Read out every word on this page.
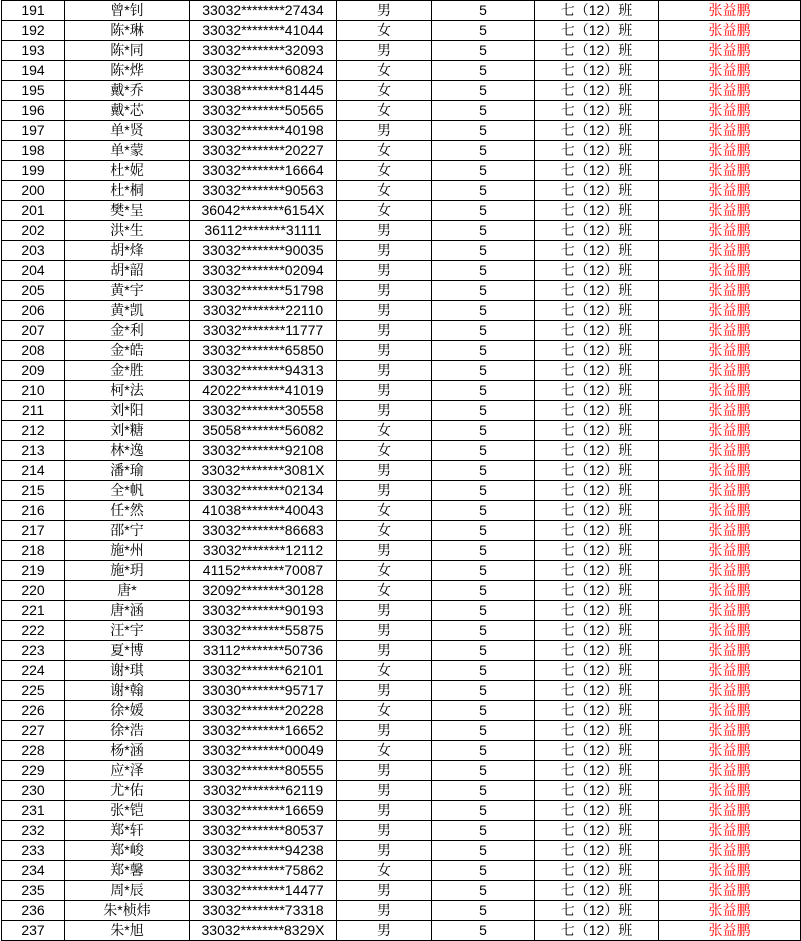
191	曾*钊	33032********27434	男	5	七（12）班	张益鹏
192	陈*琳	33032********41044	女	5	七（12）班	张益鹏
193	陈*同	33032********32093	男	5	七（12）班	张益鹏
194	陈*烨	33032********60824	女	5	七（12）班	张益鹏
195	戴*乔	33038********81445	女	5	七（12）班	张益鹏
196	戴*芯	33032********50565	女	5	七（12）班	张益鹏
197	单*贤	33032********40198	男	5	七（12）班	张益鹏
198	单*蒙	33032********20227	女	5	七（12）班	张益鹏
199	杜*妮	33032********16664	女	5	七（12）班	张益鹏
200	杜*桐	33032********90563	女	5	七（12）班	张益鹏
201	樊*呈	36042********6154X	女	5	七（12）班	张益鹏
202	洪*生	36112********31111	男	5	七（12）班	张益鹏
203	胡*烽	33032********90035	男	5	七（12）班	张益鹏
204	胡*韶	33032********02094	男	5	七（12）班	张益鹏
205	黄*宇	33032********51798	男	5	七（12）班	张益鹏
206	黄*凯	33032********22110	男	5	七（12）班	张益鹏
207	金*利	33032********11777	男	5	七（12）班	张益鹏
208	金*皓	33032********65850	男	5	七（12）班	张益鹏
209	金*胜	33032********94313	男	5	七（12）班	张益鹏
210	柯*法	42022********41019	男	5	七（12）班	张益鹏
211	刘*阳	33032********30558	男	5	七（12）班	张益鹏
212	刘*糖	35058********56082	女	5	七（12）班	张益鹏
213	林*逸	33032********92108	女	5	七（12）班	张益鹏
214	潘*瑜	33032********3081X	男	5	七（12）班	张益鹏
215	全*帆	33032********02134	男	5	七（12）班	张益鹏
216	任*然	41038********40043	女	5	七（12）班	张益鹏
217	邵*宁	33032********86683	女	5	七（12）班	张益鹏
218	施*州	33032********12112	男	5	七（12）班	张益鹏
219	施*玥	41152********70087	女	5	七（12）班	张益鹏
220	唐*	32092********30128	女	5	七（12）班	张益鹏
221	唐*涵	33032********90193	男	5	七（12）班	张益鹏
222	汪*宇	33032********55875	男	5	七（12）班	张益鹏
223	夏*博	33112********50736	男	5	七（12）班	张益鹏
224	谢*琪	33032********62101	女	5	七（12）班	张益鹏
225	谢*翰	33030********95717	男	5	七（12）班	张益鹏
226	徐*媛	33032********20228	女	5	七（12）班	张益鹏
227	徐*浩	33032********16652	男	5	七（12）班	张益鹏
228	杨*涵	33032********00049	女	5	七（12）班	张益鹏
229	应*泽	33032********80555	男	5	七（12）班	张益鹏
230	尤*佑	33032********62119	男	5	七（12）班	张益鹏
231	张*铠	33032********16659	男	5	七（12）班	张益鹏
232	郑*轩	33032********80537	男	5	七（12）班	张益鹏
233	郑*峻	33032********94238	男	5	七（12）班	张益鹏
234	郑*馨	33032********75862	女	5	七（12）班	张益鹏
235	周*辰	33032********14477	男	5	七（12）班	张益鹏
236	朱*桢炜	33032********73318	男	5	七（12）班	张益鹏
237	朱*旭	33032********8329X	男	5	七（12）班	张益鹏
